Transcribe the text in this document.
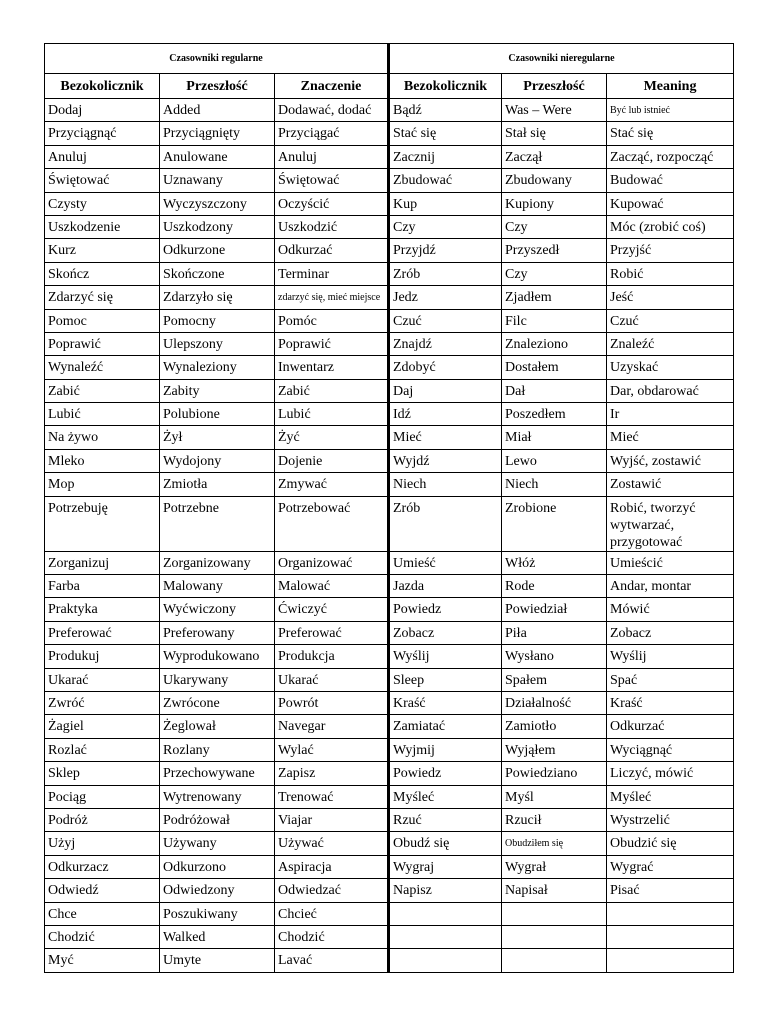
Czasowniki regularne			Czasowniki nieregularne		
Bezokolicznik	Przeszłość	Znaczenie	Bezokolicznik	Przeszłość	Meaning
Dodaj	Added	Dodawać, dodać	Bądź	Was – Were	Być lub istnieć
Przyciągnąć	Przyciągnięty	Przyciągać	Stać się	Stał się	Stać się
Anuluj	Anulowane	Anuluj	Zacznij	Zaczął	Zacząć, rozpocząć
Świętować	Uznawany	Świętować	Zbudować	Zbudowany	Budować
Czysty	Wyczyszczony	Oczyścić	Kup	Kupiony	Kupować
Uszkodzenie	Uszkodzony	Uszkodzić	Czy	Czy	Móc (zrobić coś)
Kurz	Odkurzone	Odkurzać	Przyjdź	Przyszedł	Przyjść
Skończ	Skończone	Terminar	Zrób	Czy	Robić
Zdarzyć się	Zdarzyło się	zdarzyć się, mieć miejsce	Jedz	Zjadłem	Jeść
Pomoc	Pomocny	Pomóc	Czuć	Filc	Czuć
Poprawić	Ulepszony	Poprawić	Znajdź	Znaleziono	Znaleźć
Wynaleźć	Wynaleziony	Inwentarz	Zdobyć	Dostałem	Uzyskać
Zabić	Zabity	Zabić	Daj	Dał	Dar, obdarować
Lubić	Polubione	Lubić	Idź	Poszedłem	Ir
Na żywo	Żył	Żyć	Mieć	Miał	Mieć
Mleko	Wydojony	Dojenie	Wyjdź	Lewo	Wyjść, zostawić
Mop	Zmiotła	Zmywać	Niech	Niech	Zostawić
Potrzebuję	Potrzebne	Potrzebować	Zrób	Zrobione	Robić, tworzyć wytwarzać, przygotować
Zorganizuj	Zorganizowany	Organizować	Umieść	Włóż	Umieścić
Farba	Malowany	Malować	Jazda	Rode	Andar, montar
Praktyka	Wyćwiczony	Ćwiczyć	Powiedz	Powiedział	Mówić
Preferować	Preferowany	Preferować	Zobacz	Piła	Zobacz
Produkuj	Wyprodukowano	Produkcja	Wyślij	Wysłano	Wyślij
Ukarać	Ukarywany	Ukarać	Sleep	Spałem	Spać
Zwróć	Zwrócone	Powrót	Kraść	Działalność	Kraść
Żagiel	Żeglował	Navegar	Zamiatać	Zamiotło	Odkurzać
Rozlać	Rozlany	Wylać	Wyjmij	Wyjąłem	Wyciągnąć
Sklep	Przechowywane	Zapisz	Powiedz	Powiedziano	Liczyć, mówić
Pociąg	Wytrenowany	Trenować	Myśleć	Myśl	Myśleć
Podróż	Podróżował	Viajar	Rzuć	Rzucił	Wystrzelić
Użyj	Używany	Używać	Obudź się	Obudziłem się	Obudzić się
Odkurzacz	Odkurzono	Aspiracja	Wygraj	Wygrał	Wygrać
Odwiedź	Odwiedzony	Odwiedzać	Napisz	Napisał	Pisać
Chce	Poszukiwany	Chcieć			
Chodzić	Walked	Chodzić			
Myć	Umyte	Lavać			
